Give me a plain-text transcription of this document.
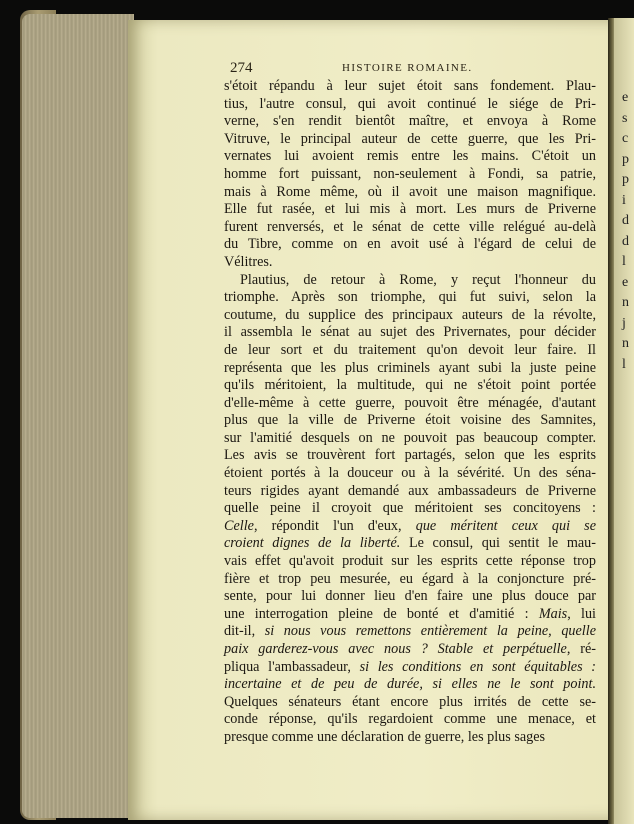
e
s
c
p
p
i
d
d
l
e
n
j
n
l
274	HISTOIRE ROMAINE.
s'étoit répandu à leur sujet étoit sans fondement. Plau-
tius, l'autre consul, qui avoit continué le siége de Pri-
verne, s'en rendit bientôt maître, et envoya à Rome
Vitruve, le principal auteur de cette guerre, que les Pri-
vernates lui avoient remis entre les mains. C'étoit un
homme fort puissant, non-seulement à Fondi, sa patrie,
mais à Rome même, où il avoit une maison magnifique.
Elle fut rasée, et lui mis à mort. Les murs de Priverne
furent renversés, et le sénat de cette ville relégué au-delà
du Tibre, comme on en avoit usé à l'égard de celui de
Vélitres.
Plautius, de retour à Rome, y reçut l'honneur du
triomphe. Après son triomphe, qui fut suivi, selon la
coutume, du supplice des principaux auteurs de la révolte,
il assembla le sénat au sujet des Privernates, pour décider
de leur sort et du traitement qu'on devoit leur faire. Il
représenta que les plus criminels ayant subi la juste peine
qu'ils méritoient, la multitude, qui ne s'étoit point portée
d'elle-même à cette guerre, pouvoit être ménagée, d'autant
plus que la ville de Priverne étoit voisine des Samnites,
sur l'amitié desquels on ne pouvoit pas beaucoup compter.
Les avis se trouvèrent fort partagés, selon que les esprits
étoient portés à la douceur ou à la sévérité. Un des séna-
teurs rigides ayant demandé aux ambassadeurs de Priverne
quelle peine il croyoit que méritoient ses concitoyens :
Celle, répondit l'un d'eux, que méritent ceux qui se
croient dignes de la liberté. Le consul, qui sentit le mau-
vais effet qu'avoit produit sur les esprits cette réponse trop
fière et trop peu mesurée, eu égard à la conjoncture pré-
sente, pour lui donner lieu d'en faire une plus douce par
une interrogation pleine de bonté et d'amitié : Mais, lui
dit-il, si nous vous remettons entièrement la peine, quelle
paix garderez-vous avec nous ? Stable et perpétuelle, ré-
pliqua l'ambassadeur, si les conditions en sont équitables :
incertaine et de peu de durée, si elles ne le sont point.
Quelques sénateurs étant encore plus irrités de cette se-
conde réponse, qu'ils regardoient comme une menace, et
presque comme une déclaration de guerre, les plus sages
